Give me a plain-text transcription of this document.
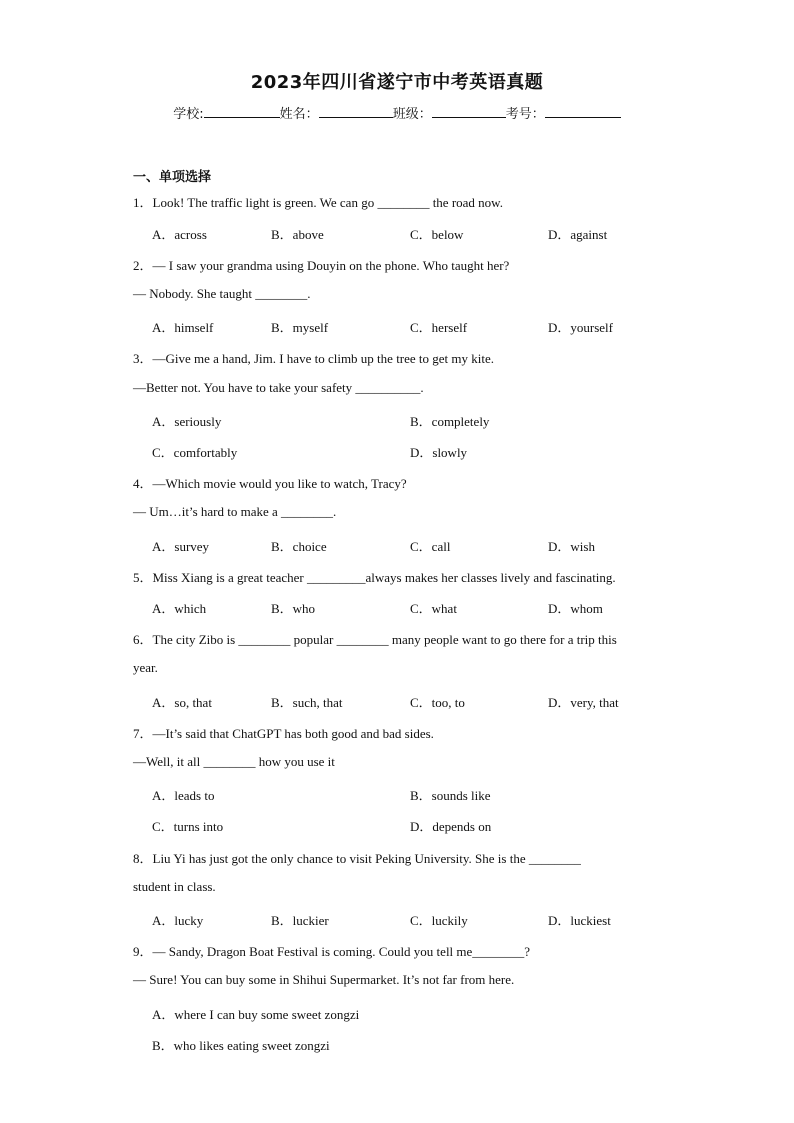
2023年四川省遂宁市中考英语真题
学校:	姓名：	班级：	考号：
一、单项选择
1．Look! The traffic light is green. We can go ________ the road now.
A．across	B．above	C．below	D．against
2．— I saw your grandma using Douyin on the phone. Who taught her?
— Nobody. She taught ________.
A．himself	B．myself	C．herself	D．yourself
3．—Give me a hand, Jim. I have to climb up the tree to get my kite.
—Better not. You have to take your safety __________.
A．seriously	B．completely
C．comfortably	D．slowly
4．—Which movie would you like to watch, Tracy?
— Um…it’s hard to make a ________.
A．survey	B．choice	C．call	D．wish
5．Miss Xiang is a great teacher _________always makes her classes lively and fascinating.
A．which	B．who	C．what	D．whom
6．The city Zibo is ________ popular ________ many people want to go there for a trip this
year.
A．so, that	B．such, that	C．too, to	D．very, that
7．—It’s said that ChatGPT has both good and bad sides.
—Well, it all ________ how you use it
A．leads to	B．sounds like
C．turns into	D．depends on
8．Liu Yi has just got the only chance to visit Peking University. She is the ________
student in class.
A．lucky	B．luckier	C．luckily	D．luckiest
9．— Sandy, Dragon Boat Festival is coming. Could you tell me________?
— Sure! You can buy some in Shihui Supermarket. It’s not far from here.
A．where I can buy some sweet zongzi
B．who likes eating sweet zongzi
